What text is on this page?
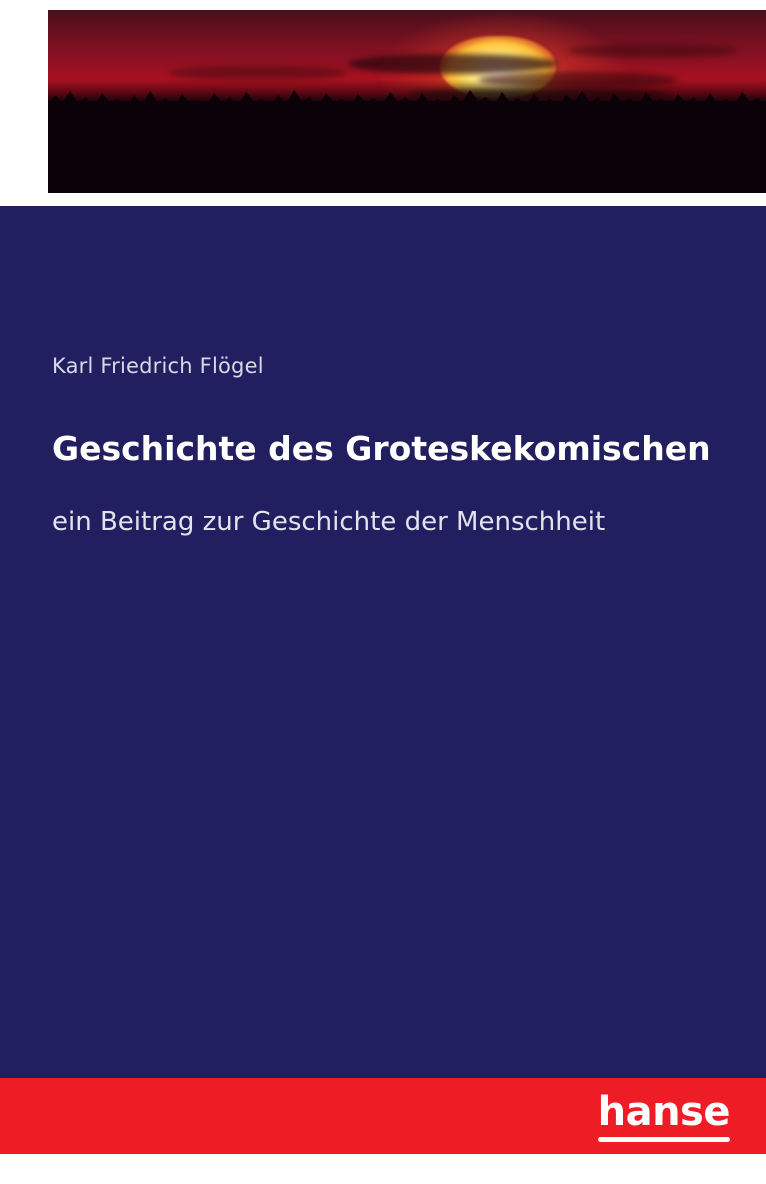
Karl Friedrich Flögel
Geschichte des Groteskekomischen
ein Beitrag zur Geschichte der Menschheit
hanse
